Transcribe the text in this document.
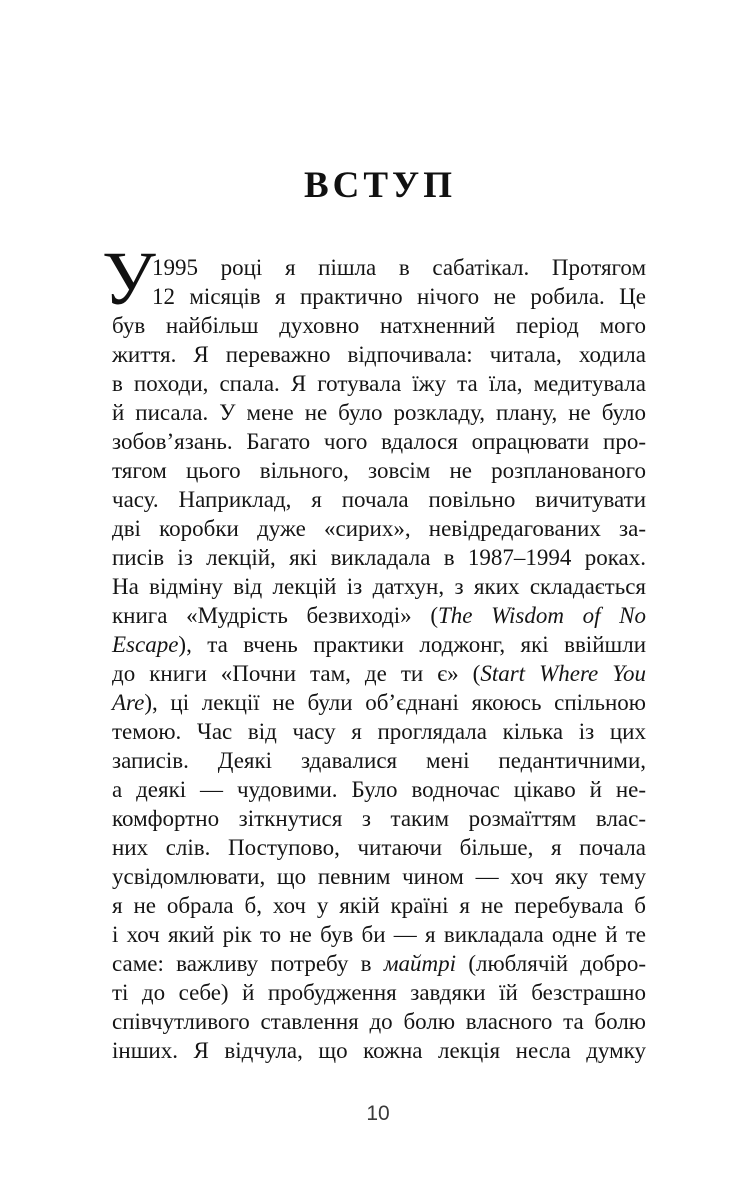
ВСТУП
У
1995 році я пішла в сабатікал. Протягом
12 місяців я практично нічого не робила. Це
був найбільш духовно натхненний період мого
життя. Я переважно відпочивала: читала, ходила
в походи, спала. Я готувала їжу та їла, медитувала
й писала. У мене не було розкладу, плану, не було
зобов’язань. Багато чого вдалося опрацювати про-
тягом цього вільного, зовсім не розпланованого
часу. Наприклад, я почала повільно вичитувати
дві коробки дуже «сирих», невідредагованих за-
писів із лекцій, які викладала в 1987–1994 роках.
На відміну від лекцій із датхун, з яких складається
книга «Мудрість безвиході» (The Wisdom of No
Escape), та вчень практики лоджонг, які ввійшли
до книги «Почни там, де ти є» (Start Where You
Are), ці лекції не були об’єднані якоюсь спільною
темою. Час від часу я проглядала кілька із цих
записів. Деякі здавалися мені педантичними,
а деякі — чудовими. Було водночас цікаво й не-
комфортно зіткнутися з таким розмаїттям влас-
них слів. Поступово, читаючи більше, я почала
усвідомлювати, що певним чином — хоч яку тему
я не обрала б, хоч у якій країні я не перебувала б
і хоч який рік то не був би — я викладала одне й те
саме: важливу потребу в майтрі (люблячій добро-
ті до себе) й пробудження завдяки їй безстрашно
співчутливого ставлення до болю власного та болю
інших. Я відчула, що кожна лекція несла думку
10
